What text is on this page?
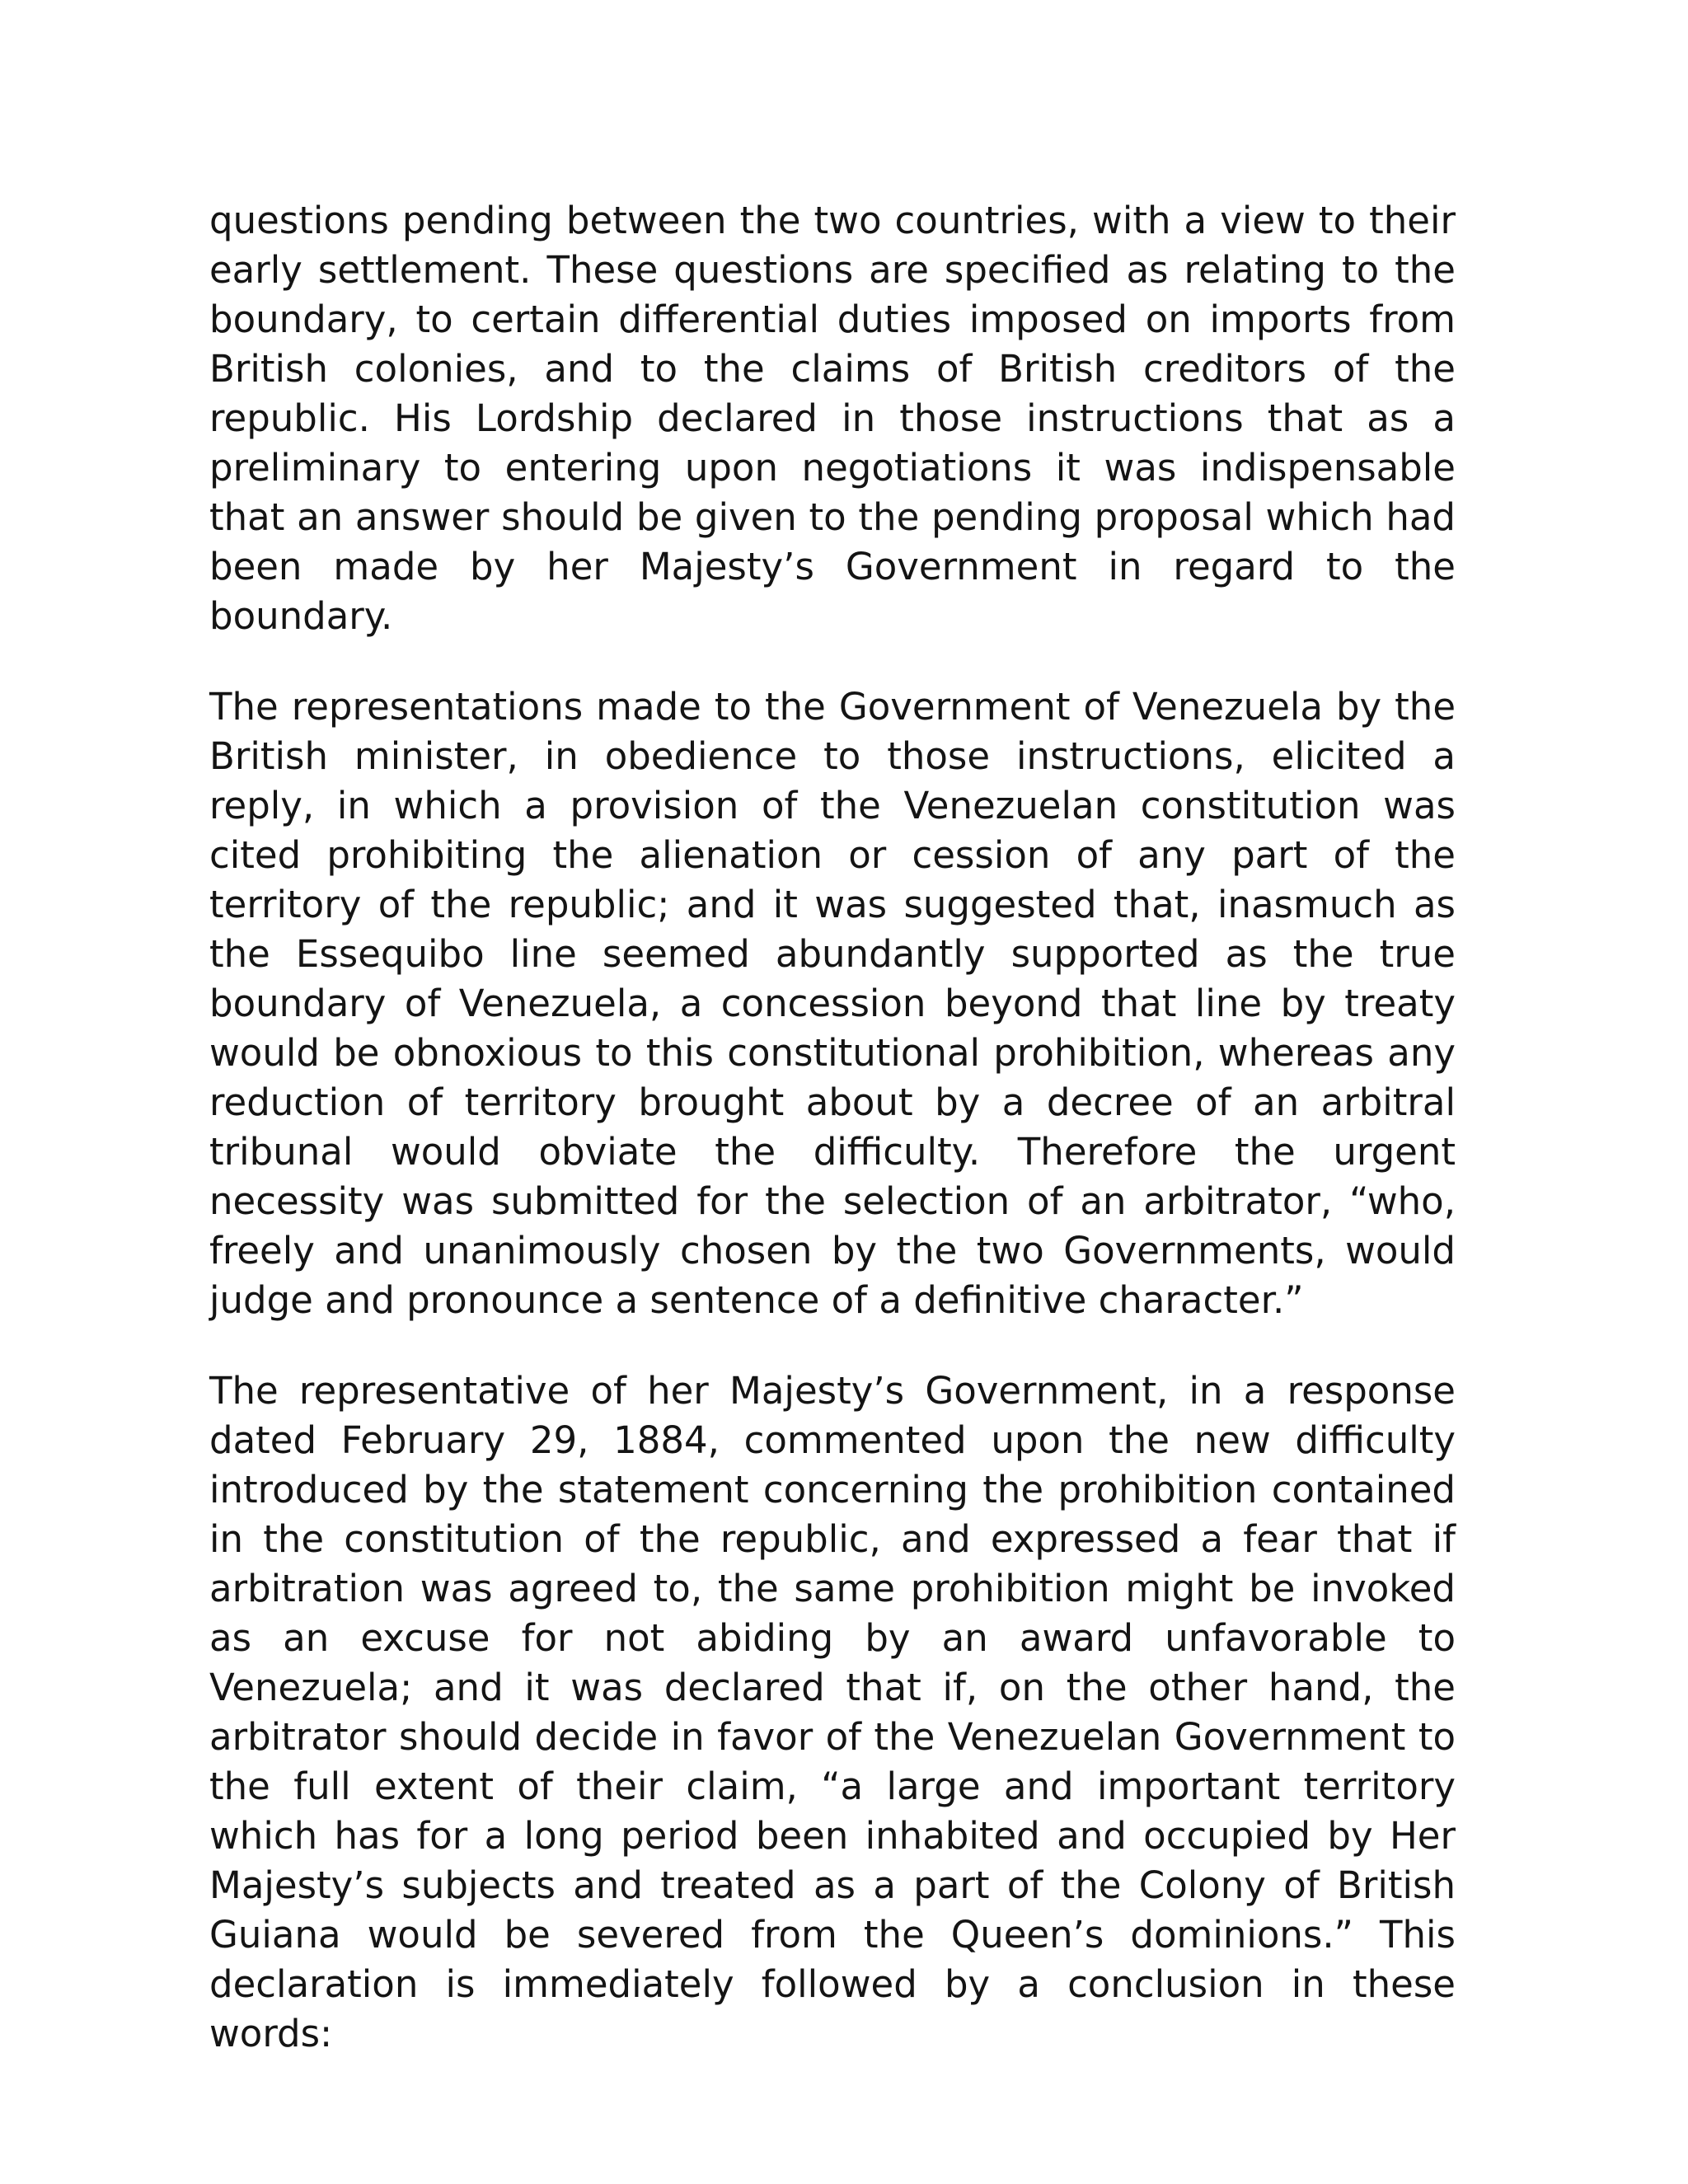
questions pending between the two countries, with a view to their early settlement. These questions are specified as relating to the boundary, to certain differential duties imposed on imports from British colonies, and to the claims of British creditors of the republic. His Lordship declared in those instructions that as a preliminary to entering upon negotiations it was indispensable that an answer should be given to the pending proposal which had been made by her Majesty’s Government in regard to the boundary.

The representations made to the Government of Venezuela by the British minister, in obedience to those instructions, elicited a reply, in which a provision of the Venezuelan constitution was cited prohibiting the alienation or cession of any part of the territory of the republic; and it was suggested that, inasmuch as the Essequibo line seemed abundantly supported as the true boundary of Venezuela, a concession beyond that line by treaty would be obnoxious to this constitutional prohibition, whereas any reduction of territory brought about by a decree of an arbitral tribunal would obviate the difficulty. Therefore the urgent necessity was submitted for the selection of an arbitrator, “who, freely and unanimously chosen by the two Governments, would judge and pronounce a sentence of a definitive character.”

The representative of her Majesty’s Government, in a response dated February 29, 1884, commented upon the new difficulty introduced by the statement concerning the prohibition contained in the constitution of the republic, and expressed a fear that if arbitration was agreed to, the same prohibition might be invoked as an excuse for not abiding by an award unfavorable to Venezuela; and it was declared that if, on the other hand, the arbitrator should decide in favor of the Venezuelan Government to the full extent of their claim, “a large and important territory which has for a long period been inhabited and occupied by Her Majesty’s subjects and treated as a part of the Colony of British Guiana would be severed from the Queen’s dominions.” This declaration is immediately followed by a conclusion in these words:
